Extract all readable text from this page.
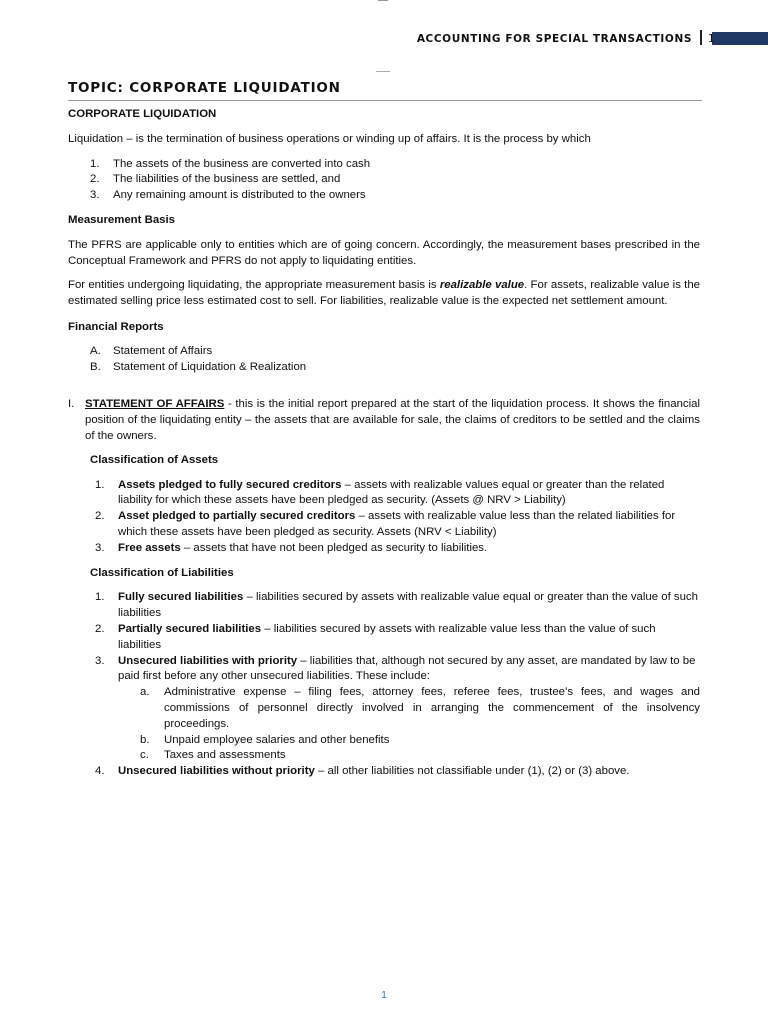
ACCOUNTING FOR SPECIAL TRANSACTIONS 1
TOPIC: CORPORATE LIQUIDATION

CORPORATE LIQUIDATION

Liquidation – is the termination of business operations or winding up of affairs. It is the process by which

1. The assets of the business are converted into cash
2. The liabilities of the business are settled, and
3. Any remaining amount is distributed to the owners

Measurement Basis

The PFRS are applicable only to entities which are of going concern. Accordingly, the measurement bases prescribed in the Conceptual Framework and PFRS do not apply to liquidating entities.

For entities undergoing liquidating, the appropriate measurement basis is realizable value. For assets, realizable value is the estimated selling price less estimated cost to sell. For liabilities, realizable value is the expected net settlement amount.

Financial Reports

A. Statement of Affairs
B. Statement of Liquidation & Realization
I. STATEMENT OF AFFAIRS - this is the initial report prepared at the start of the liquidation process. It shows the financial position of the liquidating entity – the assets that are available for sale, the claims of creditors to be settled and the claims of the owners.

Classification of Assets

1. Assets pledged to fully secured creditors – assets with realizable values equal or greater than the related liability for which these assets have been pledged as security. (Assets @ NRV > Liability)
2. Asset pledged to partially secured creditors – assets with realizable value less than the related liabilities for which these assets have been pledged as security. Assets (NRV < Liability)
3. Free assets – assets that have not been pledged as security to liabilities.

Classification of Liabilities

1. Fully secured liabilities – liabilities secured by assets with realizable value equal or greater than the value of such liabilities
2. Partially secured liabilities – liabilities secured by assets with realizable value less than the value of such liabilities
3. Unsecured liabilities with priority – liabilities that, although not secured by any asset, are mandated by law to be paid first before any other unsecured liabilities. These include:
a. Administrative expense – filing fees, attorney fees, referee fees, trustee’s fees, and wages and commissions of personnel directly involved in arranging the commencement of the insolvency proceedings.
b. Unpaid employee salaries and other benefits
c. Taxes and assessments
4. Unsecured liabilities without priority – all other liabilities not classifiable under (1), (2) or (3) above.
1
